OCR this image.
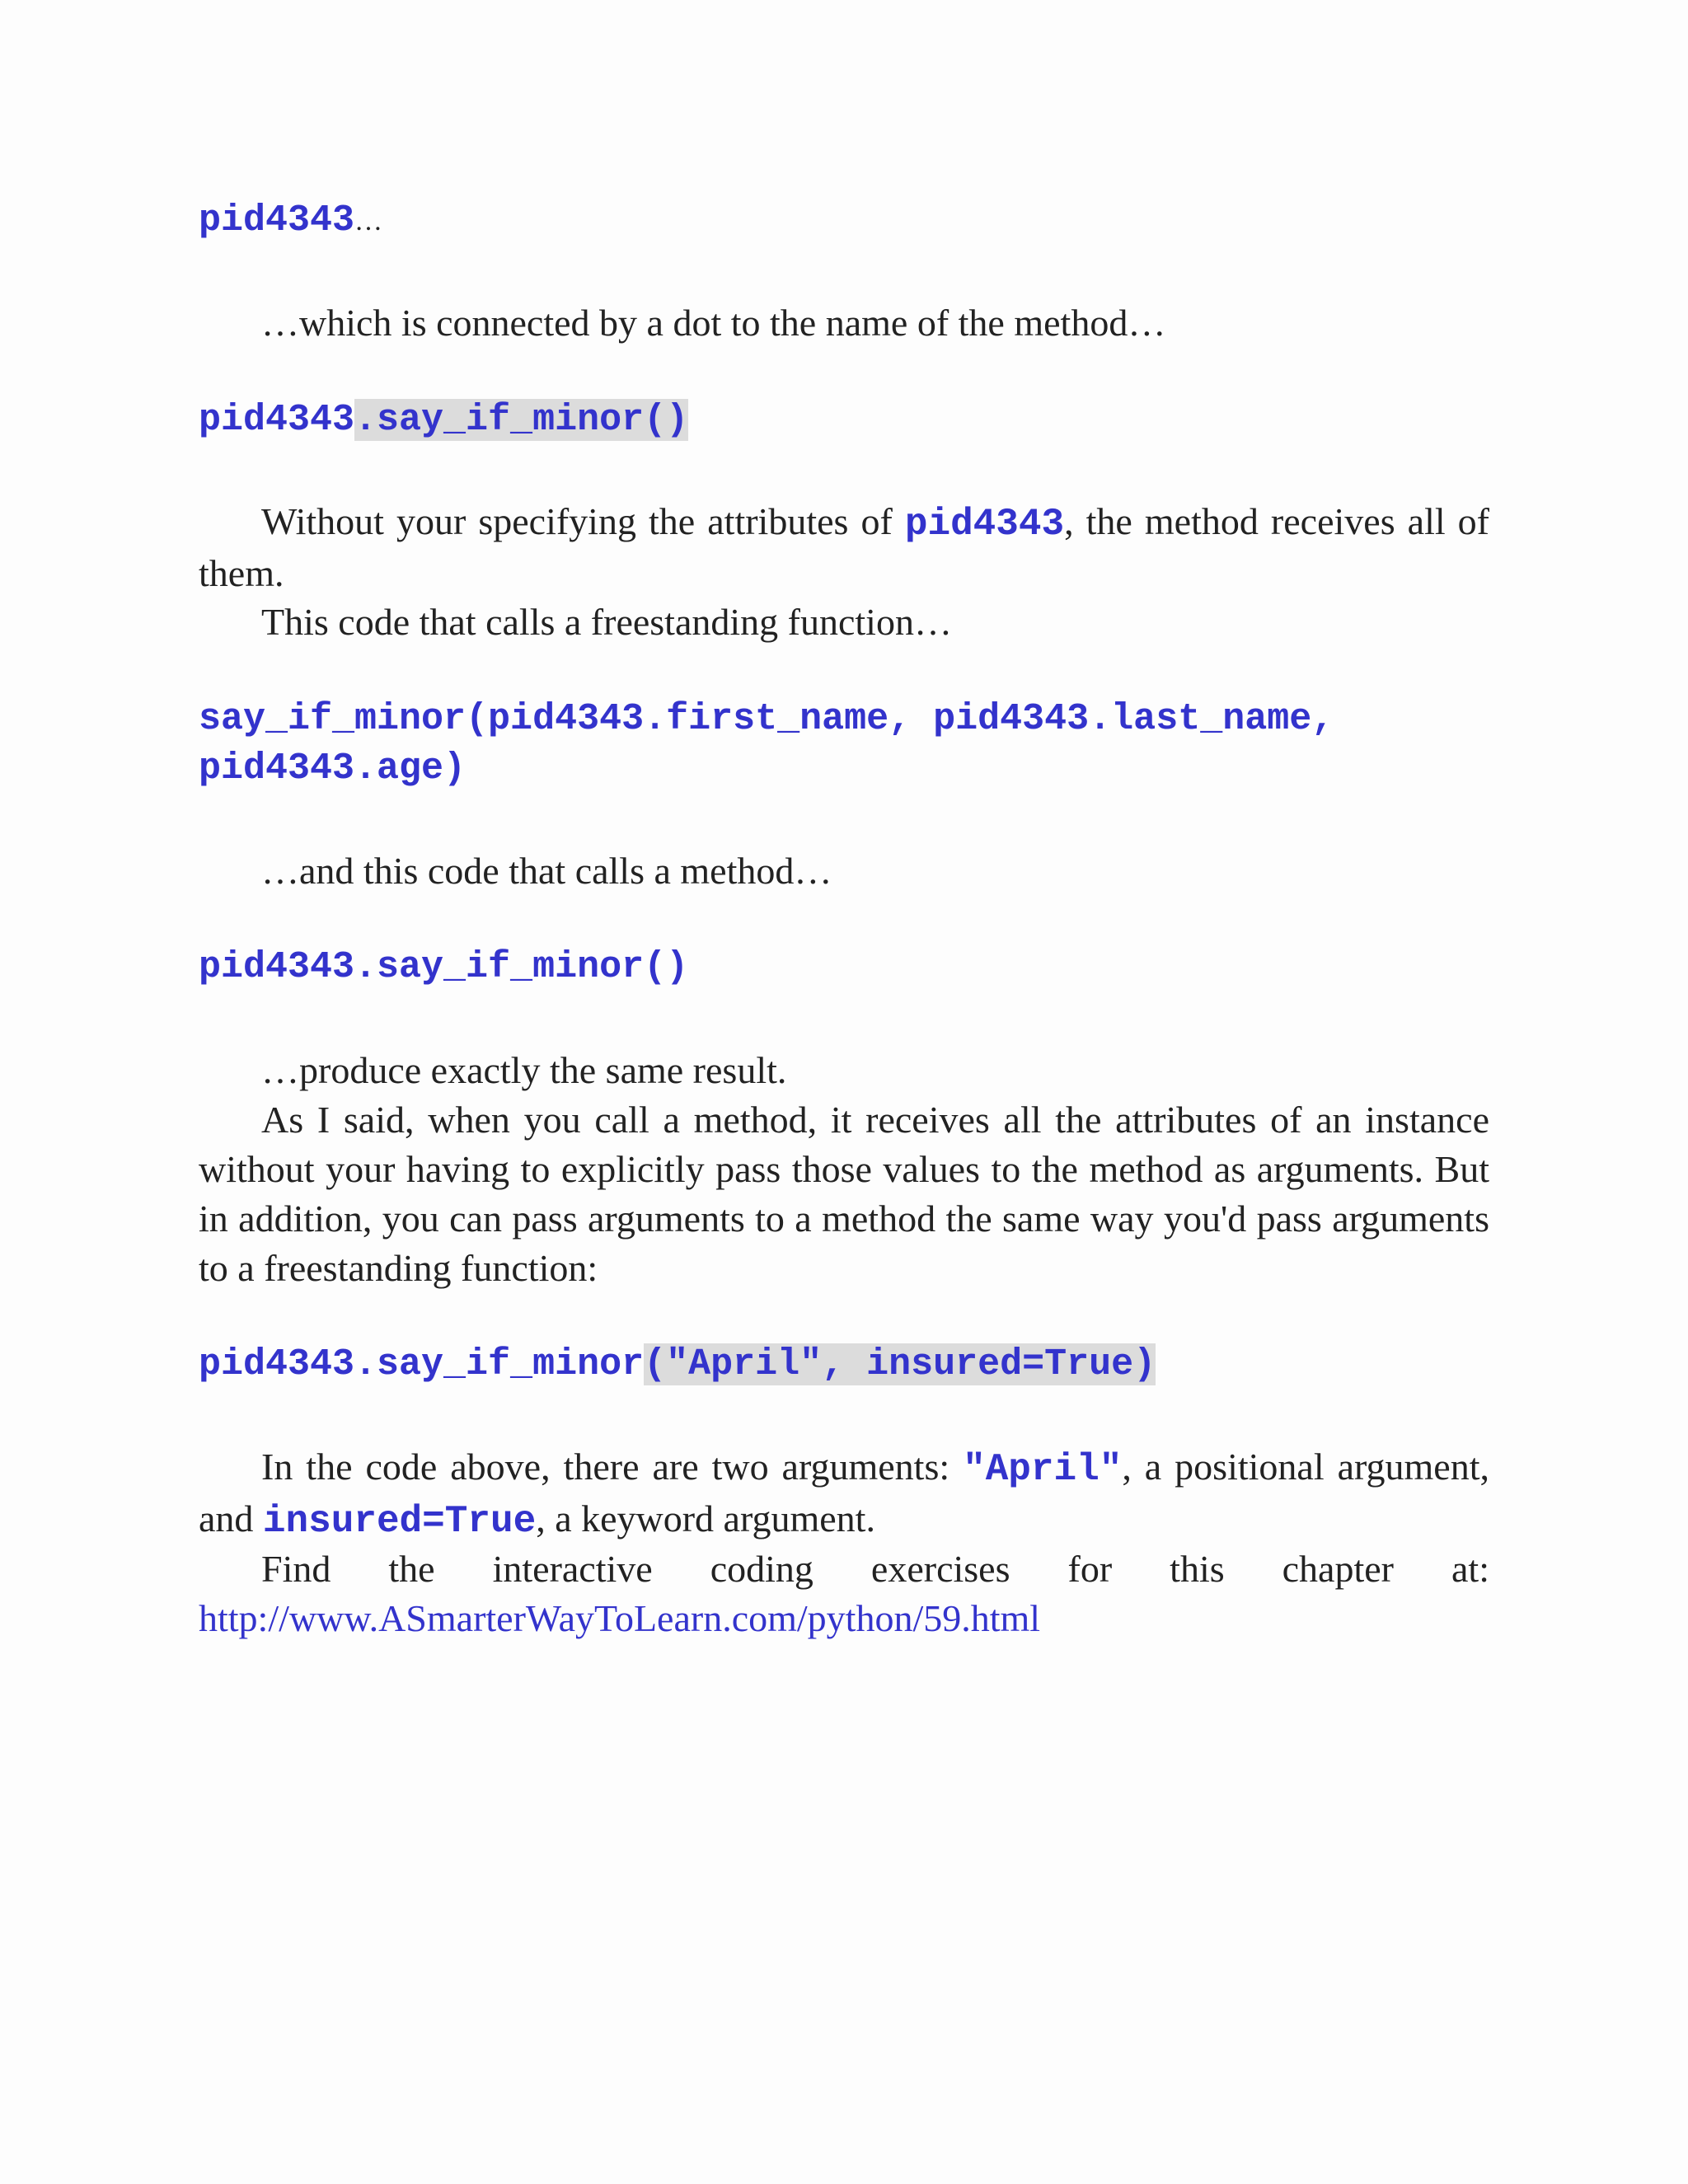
pid4343…
…which is connected by a dot to the name of the method…
pid4343.say_if_minor()
Without your specifying the attributes of pid4343, the method receives all of them.
This code that calls a freestanding function…
say_if_minor(pid4343.first_name, pid4343.last_name,
pid4343.age)
…and this code that calls a method…
pid4343.say_if_minor()
…produce exactly the same result.
As I said, when you call a method, it receives all the attributes of an instance without your having to explicitly pass those values to the method as arguments. But in addition, you can pass arguments to a method the same way you'd pass arguments to a freestanding function:
pid4343.say_if_minor("April", insured=True)
In the code above, there are two arguments: "April", a positional argument, and insured=True, a keyword argument.
Find the interactive coding exercises for this chapter at:
http://www.ASmarterWayToLearn.com/python/59.html
